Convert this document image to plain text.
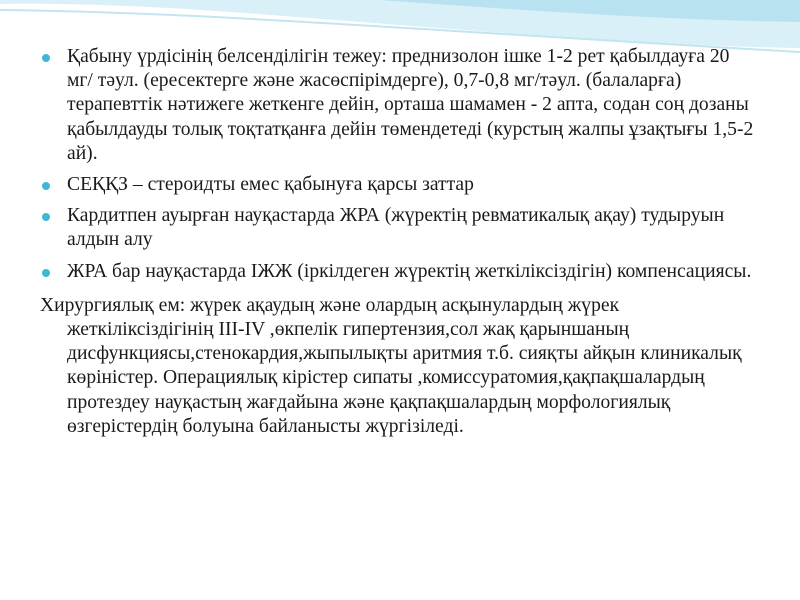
Қабыну үрдісінің белсенділігін тежеу: преднизолон ішке 1-2 рет қабылдауға 20 мг/ тәул. (ересектерге және жасөспірімдерге), 0,7-0,8 мг/тәул. (балаларға) терапевттік нәтижеге жеткенге дейін, орташа шамамен - 2 апта, содан соң дозаны қабылдауды толық тоқтатқанға дейін төмендетеді (курстың жалпы ұзақтығы 1,5-2 ай).
СЕҚҚЗ – стероидты емес қабынуға қарсы заттар
Кардитпен ауырған науқастарда ЖРА (жүректің ревматикалық ақау) тудыруын алдын алу
ЖРА бар науқастарда ІЖЖ (іркілдеген жүректің жеткіліксіздігін) компенсациясы.

Хирургиялық ем: жүрек ақаудың және олардың асқынулардың жүрек жеткіліксіздігінің ІІІ-IV ,өкпелік гипертензия,сол жақ қарыншаның дисфункциясы,стенокардия,жыпылықты аритмия т.б. сияқты айқын клиникалық көріністер. Операциялық кірістер сипаты ,комиссуратомия,қақпақшалардың протездеу науқастың жағдайына және қақпақшалардың морфологиялық өзгерістердің болуына байланысты жүргізіледі.
